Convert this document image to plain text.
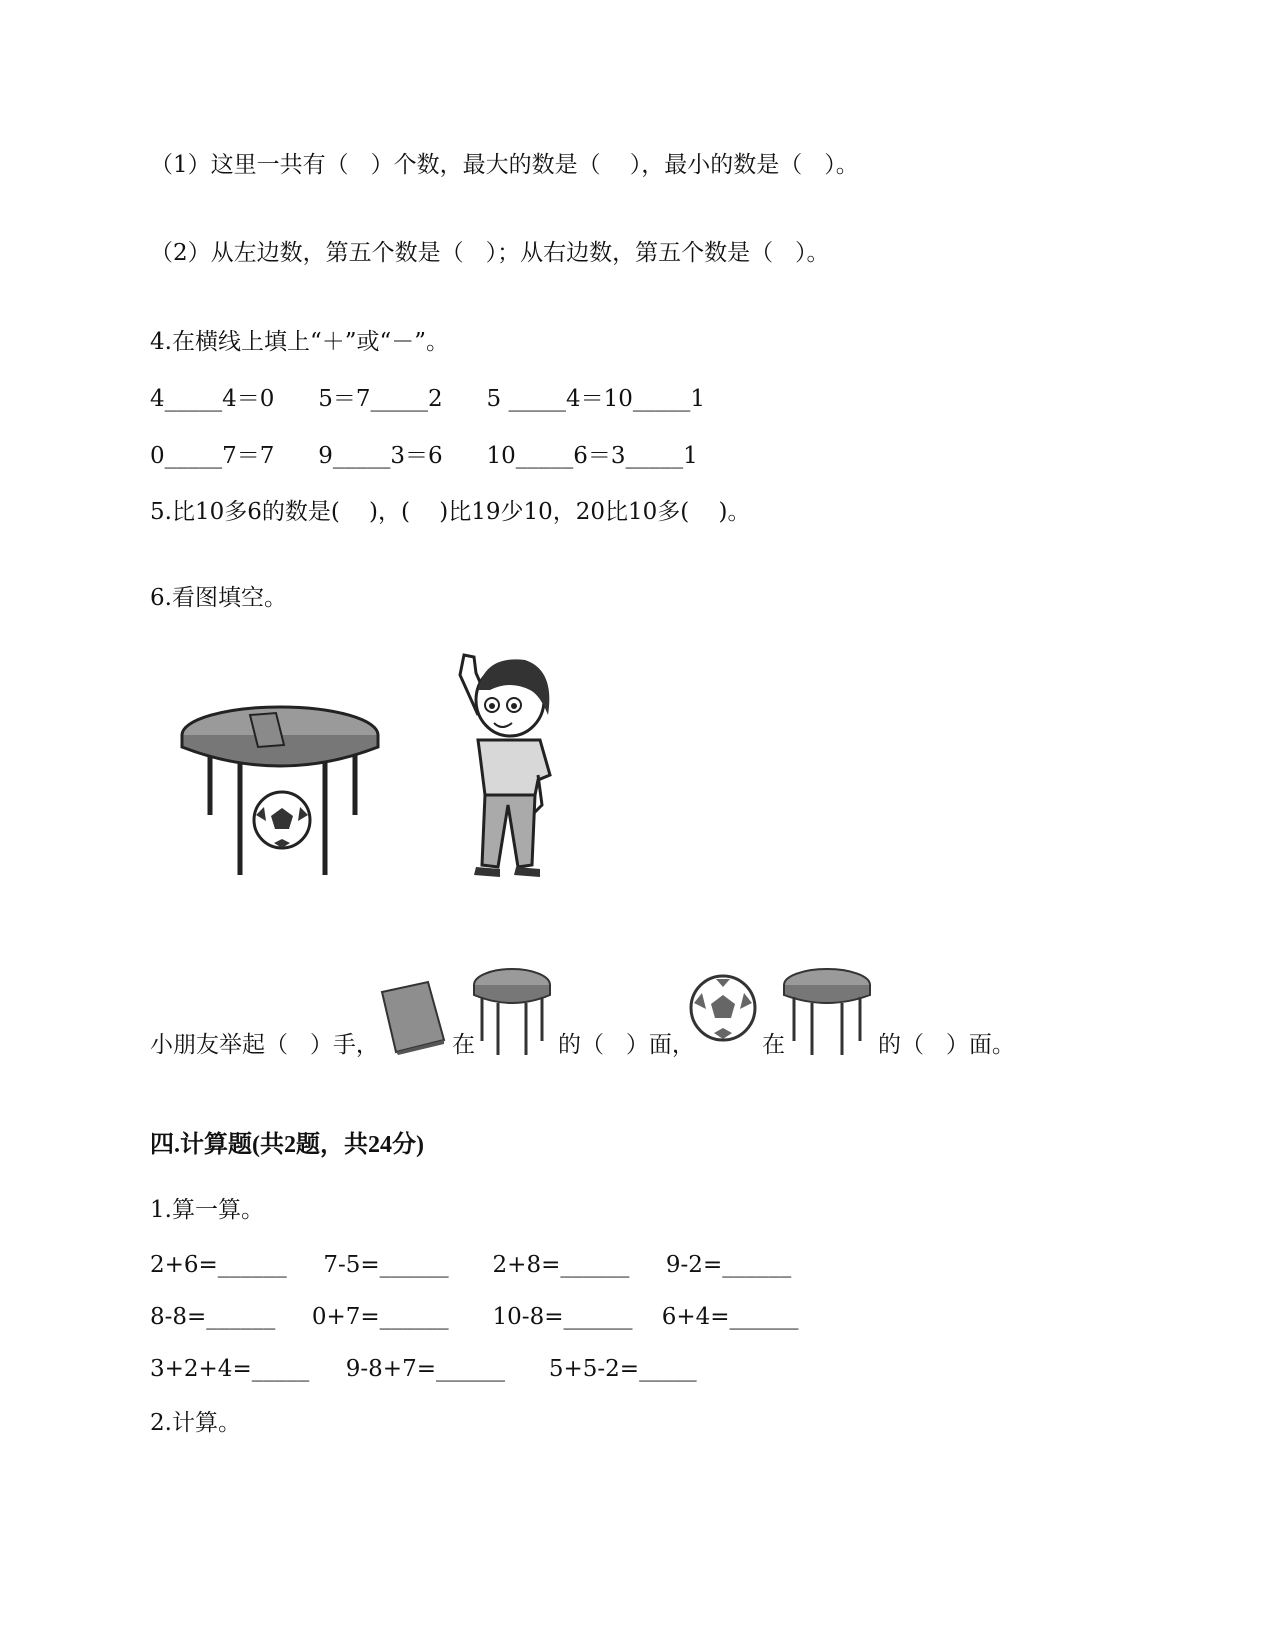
（1）这里一共有（   ）个数，最大的数是（    ），最小的数是（   ）。
（2）从左边数，第五个数是（   ）；从右边数，第五个数是（   ）。
4.在横线上填上“＋”或“－”。
4_____4＝0      5＝7_____2      5 _____4＝10_____1
0_____7＝7      9_____3＝6      10_____6＝3_____1
5.比10多6的数是(    )，(    )比19少10，20比10多(    )。
6.看图填空。
小朋友举起（   ）手，	在	的（   ）面，	在	的（   ）面。
四.计算题(共2题，共24分)
1.算一算。
2+6=______     7-5=______      2+8=______     9-2=______
8-8=______     0+7=______      10-8=______    6+4=______
3+2+4=_____     9-8+7=______      5+5-2=_____
2.计算。
